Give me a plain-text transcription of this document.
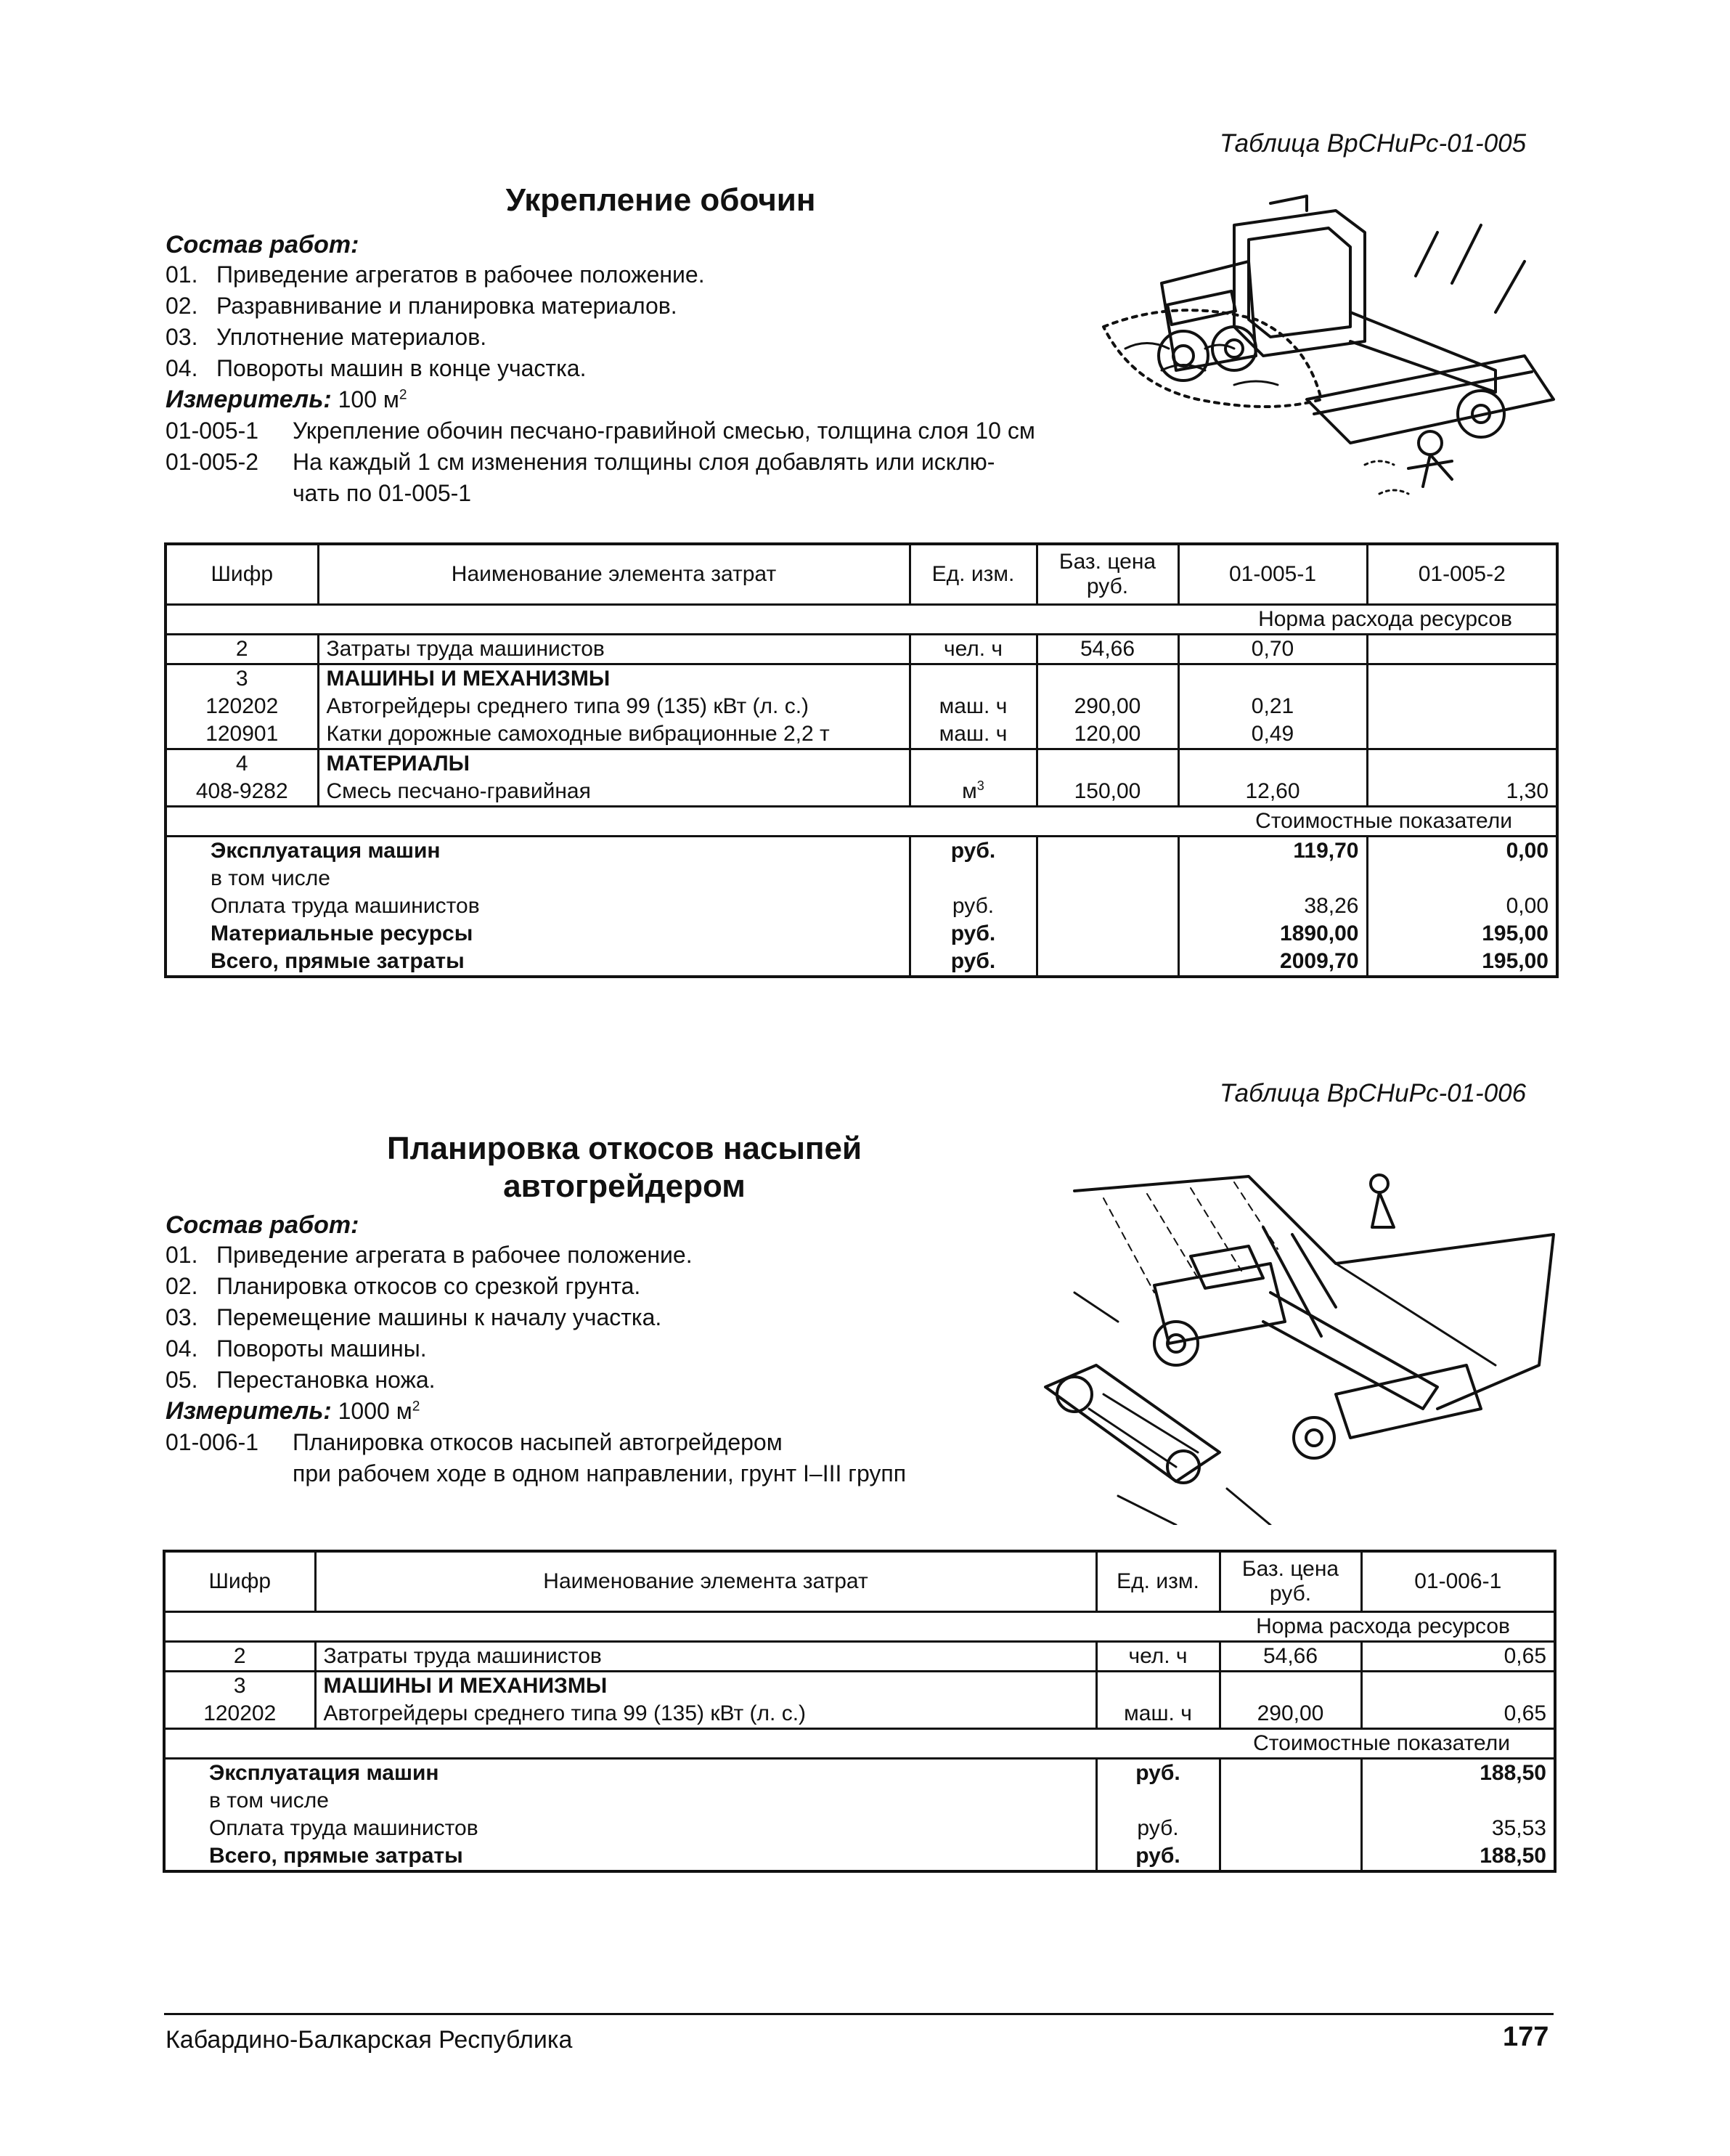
Таблица ВрСНиРс-01-005
Укрепление обочин
Состав работ:
01. Приведение агрегатов в рабочее положение.
02. Разравнивание и планировка материалов.
03. Уплотнение материалов.
04. Повороты машин в конце участка.
Измеритель: 100 $м^2$
01-005-1 Укрепление обочин песчано-гравийной смесью, толщина слоя 10 см
01-005-2 На каждый 1 см изменения толщины слоя добавлять или исклю-
чать по 01-005-1
Шифр	Наименование элемента затрат	Ед. изм.	Баз. цена руб.	01-005-1	01-005-2
Норма расхода ресурсов					
2	Затраты труда машинистов	чел. ч	54,66	0,70	
3	МАШИНЫ И МЕХАНИЗМЫ				
120202	Автогрейдеры среднего типа 99 (135) кВт (л. с.)	маш. ч	290,00	0,21	
120901	Катки дорожные самоходные вибрационные 2,2 т	маш. ч	120,00	0,49	
4	МАТЕРИАЛЫ				
408-9282	Смесь песчано-гравийная	$м^3$	150,00	12,60	1,30
Стоимостные показатели					
Эксплуатация машин		руб.		119,70	0,00
в том числе					
Оплата труда машинистов		руб.		38,26	0,00
Материальные ресурсы		руб.		1890,00	195,00
Всего, прямые затраты		руб.		2009,70	195,00
Таблица ВрСНиРс-01-006
Планировка откосов насыпей
автогрейдером
Состав работ:
01. Приведение агрегата в рабочее положение.
02. Планировка откосов со срезкой грунта.
03. Перемещение машины к началу участка.
04. Повороты машины.
05. Перестановка ножа.
Измеритель: 1000 $м^2$
01-006-1 Планировка откосов насыпей автогрейдером
при рабочем ходе в одном направлении, грунт I–III групп
Шифр	Наименование элемента затрат	Ед. изм.	Баз. цена руб.	01-006-1
Норма расхода ресурсов				
2	Затраты труда машинистов	чел. ч	54,66	0,65
3	МАШИНЫ И МЕХАНИЗМЫ			
120202	Автогрейдеры среднего типа 99 (135) кВт (л. с.)	маш. ч	290,00	0,65
Стоимостные показатели				
Эксплуатация машин		руб.		188,50
в том числе				
Оплата труда машинистов		руб.		35,53
Всего, прямые затраты		руб.		188,50
Кабардино-Балкарская Республика	177
